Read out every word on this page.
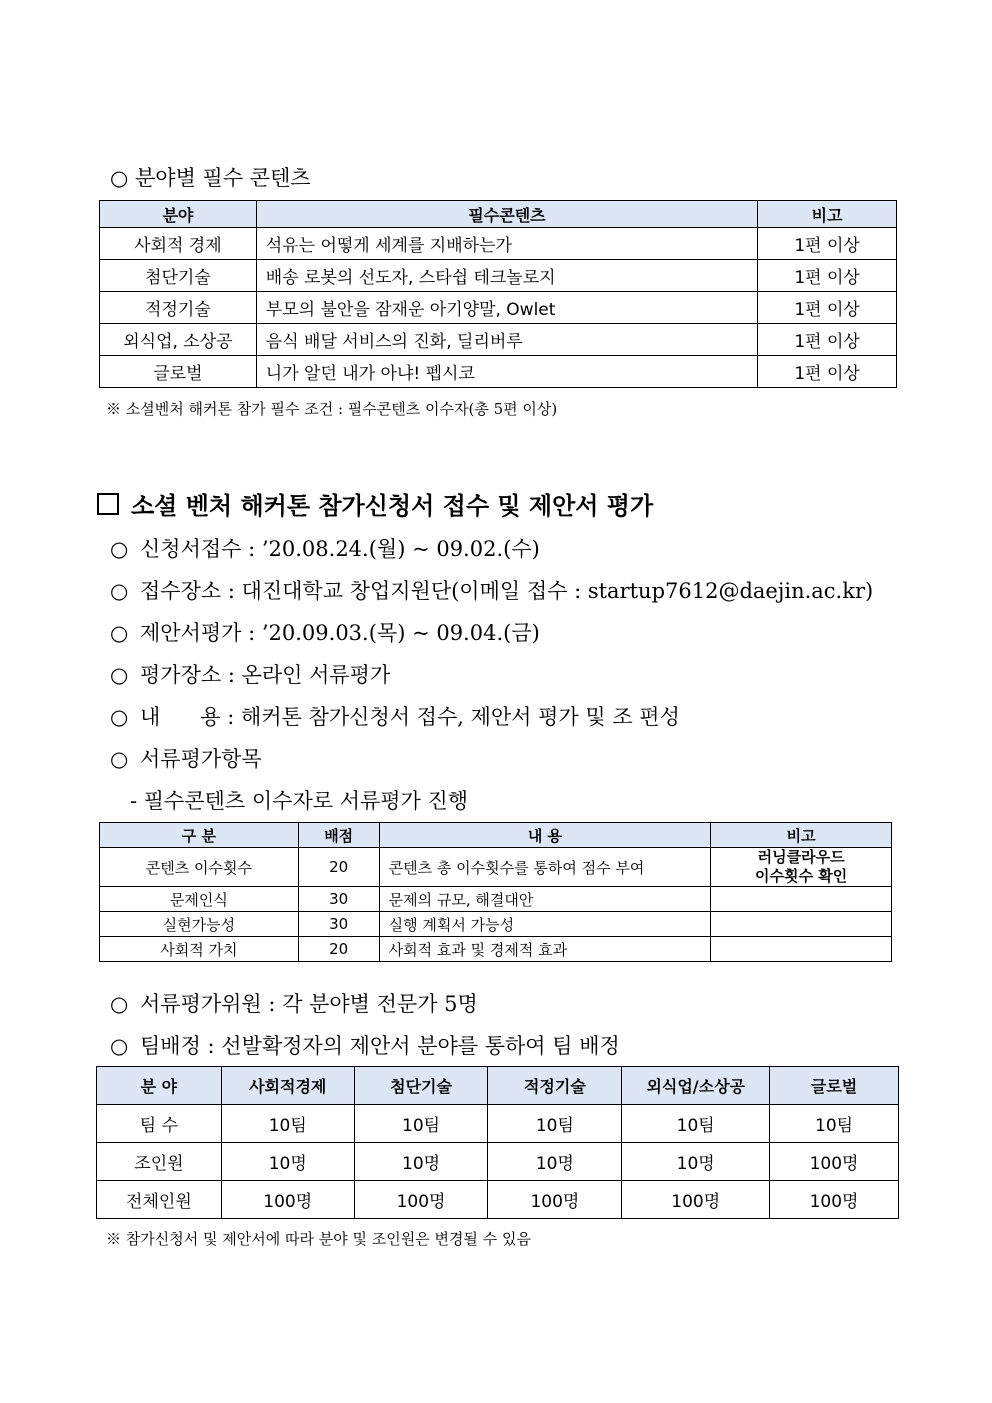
○ 분야별 필수 콘텐츠
분야	필수콘텐츠	비고
사회적 경제	석유는 어떻게 세계를 지배하는가	1편 이상
첨단기술	배송 로봇의 선도자, 스타쉽 테크놀로지	1편 이상
적정기술	부모의 불안을 잠재운 아기양말, Owlet	1편 이상
외식업, 소상공	음식 배달 서비스의 진화, 딜리버루	1편 이상
글로벌	니가 알던 내가 아냐! 펩시코	1편 이상
※ 소셜벤처 해커톤 참가 필수 조건 : 필수콘텐츠 이수자(총 5편 이상)
소셜 벤처 해커톤 참가신청서 접수 및 제안서 평가
○ 신청서접수 : ’20.08.24.(월) ~ 09.02.(수)
○ 접수장소 : 대진대학교 창업지원단(이메일 접수 : startup7612@daejin.ac.kr)
○ 제안서평가 : ’20.09.03.(목) ~ 09.04.(금)
○ 평가장소 : 온라인 서류평가
○ 내      용 : 해커톤 참가신청서 접수, 제안서 평가 및 조 편성
○ 서류평가항목
- 필수콘텐츠 이수자로 서류평가 진행
구 분	배점	내 용	비고
콘텐츠 이수횟수	20	콘텐츠 총 이수횟수를 통하여 점수 부여	러닝클라우드
이수횟수 확인
문제인식	30	문제의 규모, 해결대안	
실현가능성	30	실행 계획서 가능성	
사회적 가치	20	사회적 효과 및 경제적 효과	
○ 서류평가위원 : 각 분야별 전문가 5명
○ 팀배정 : 선발확정자의 제안서 분야를 통하여 팀 배정
분 야	사회적경제	첨단기술	적정기술	외식업/소상공	글로벌
팀 수	10팀	10팀	10팀	10팀	10팀
조인원	10명	10명	10명	10명	100명
전체인원	100명	100명	100명	100명	100명
※ 참가신청서 및 제안서에 따라 분야 및 조인원은 변경될 수 있음
